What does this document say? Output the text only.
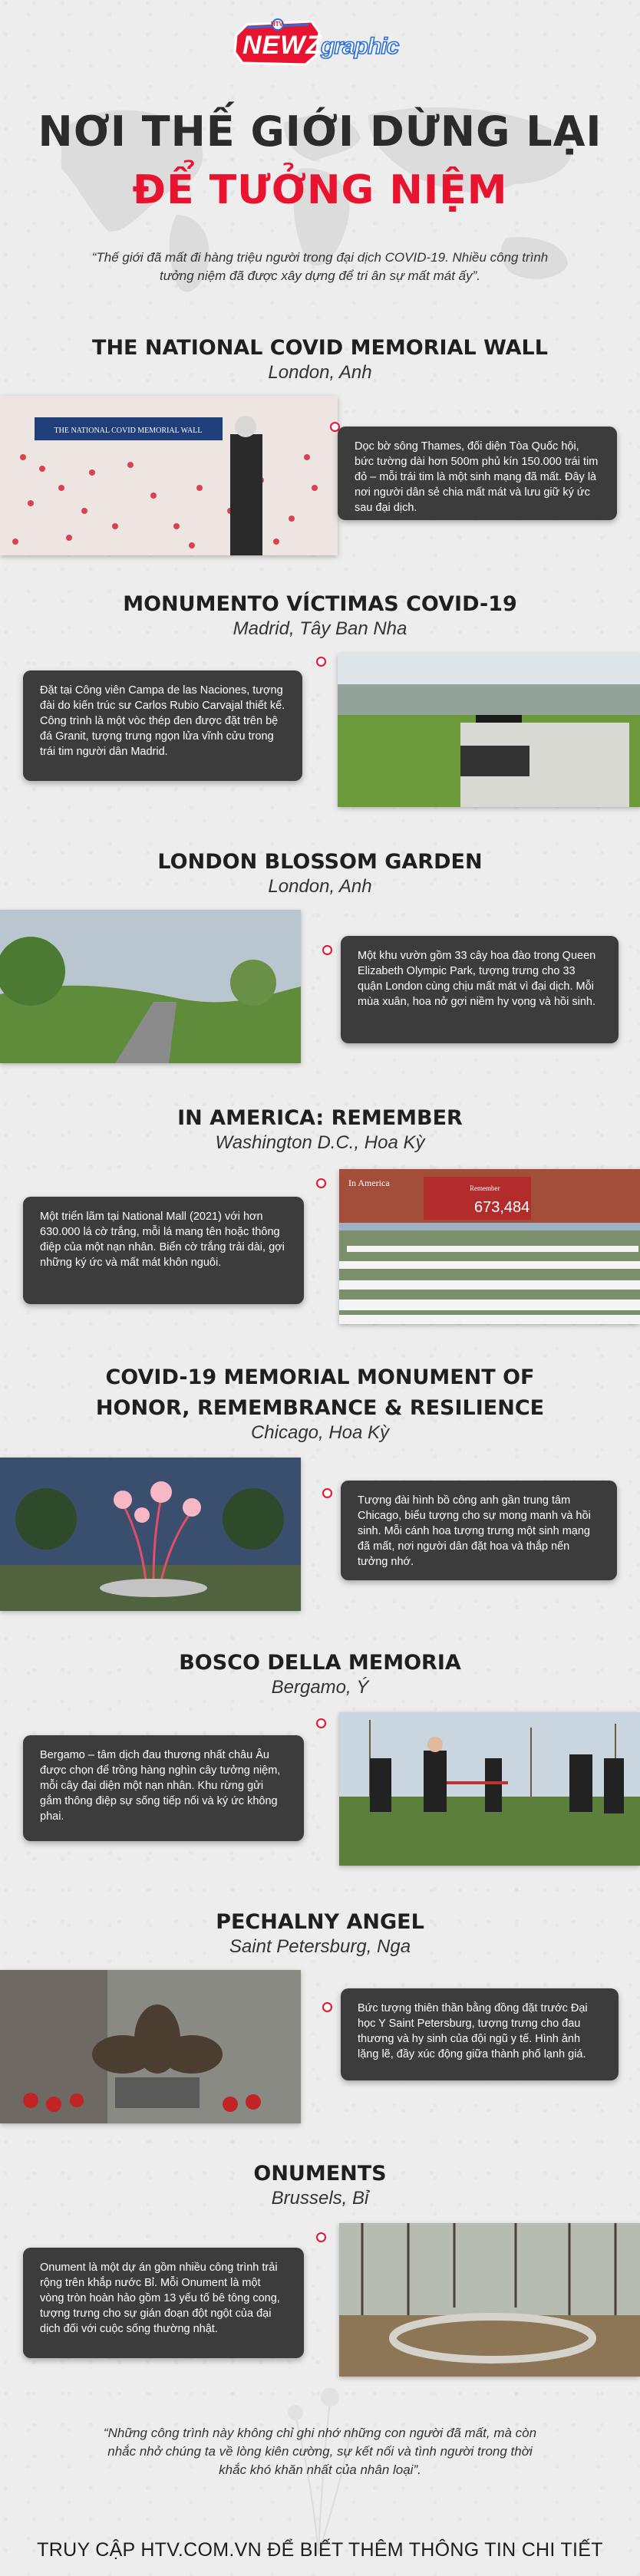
HTV
NEWZ
graphic
NƠI THẾ GIỚI DỪNG LẠI
ĐỂ TƯỞNG NIỆM
“Thế giới đã mất đi hàng triệu người trong đại dịch COVID-19. Nhiều công trình tưởng niệm đã được xây dựng để tri ân sự mất mát ấy”.
THE NATIONAL COVID MEMORIAL WALL
London, Anh
THE NATIONAL COVID MEMORIAL WALL
Dọc bờ sông Thames, đối diện Tòa Quốc hội, bức tường dài hơn 500m phủ kín 150.000 trái tim đỏ – mỗi trái tim là một sinh mạng đã mất. Đây là nơi người dân sẻ chia mất mát và lưu giữ ký ức sau đại dịch.
MONUMENTO VÍCTIMAS COVID-19
Madrid, Tây Ban Nha
Đặt tại Công viên Campa de las Naciones, tượng đài do kiến trúc sư Carlos Rubio Carvajal thiết kế. Công trình là một vòc thép đen được đặt trên bệ đá Granit, tượng trưng ngọn lửa vĩnh cửu trong trái tim người dân Madrid.
LONDON BLOSSOM GARDEN
London, Anh
Một khu vườn gồm 33 cây hoa đào trong Queen Elizabeth Olympic Park, tượng trưng cho 33 quận London cùng chịu mất mát vì đại dịch. Mỗi mùa xuân, hoa nở gợi niềm hy vọng và hồi sinh.
IN AMERICA: REMEMBER
Washington D.C., Hoa Kỳ
Một triển lãm tại National Mall (2021) với hơn 630.000 lá cờ trắng, mỗi lá mang tên hoặc thông điệp của một nạn nhân. Biển cờ trắng trải dài, gợi những ký ức và mất mát khôn nguôi.
In America	Remember
673,484
COVID-19 MEMORIAL MONUMENT OF
HONOR, REMEMBRANCE & RESILIENCE
Chicago, Hoa Kỳ
Tượng đài hình bồ công anh gần trung tâm Chicago, biểu tượng cho sự mong manh và hồi sinh. Mỗi cánh hoa tượng trưng một sinh mạng đã mất, nơi người dân đặt hoa và thắp nến tưởng nhớ.
BOSCO DELLA MEMORIA
Bergamo, Ý
Bergamo – tâm dịch đau thương nhất châu Âu được chọn để trồng hàng nghìn cây tưởng niệm, mỗi cây đại diện một nạn nhân. Khu rừng gửi gắm thông điệp sự sống tiếp nối và ký ức không phai.
PECHALNY ANGEL
Saint Petersburg, Nga
Bức tượng thiên thần bằng đồng đặt trước Đại học Y Saint Petersburg, tượng trưng cho đau thương và hy sinh của đội ngũ y tế. Hình ảnh lặng lẽ, đầy xúc động giữa thành phố lạnh giá.
ONUMENTS
Brussels, Bỉ
Onument là một dự án gồm nhiều công trình trải rộng trên khắp nước Bỉ. Mỗi Onument là một vòng tròn hoàn hảo gồm 13 yếu tố bê tông cong, tượng trưng cho sự gián đoạn đột ngột của đại dịch đối với cuộc sống thường nhật.
“Những công trình này không chỉ ghi nhớ những con người đã mất, mà còn nhắc nhở chúng ta về lòng kiên cường, sự kết nối và tình người trong thời khắc khó khăn nhất của nhân loại”.
TRUY CẬP HTV.COM.VN ĐỂ BIẾT THÊM THÔNG TIN CHI TIẾT
